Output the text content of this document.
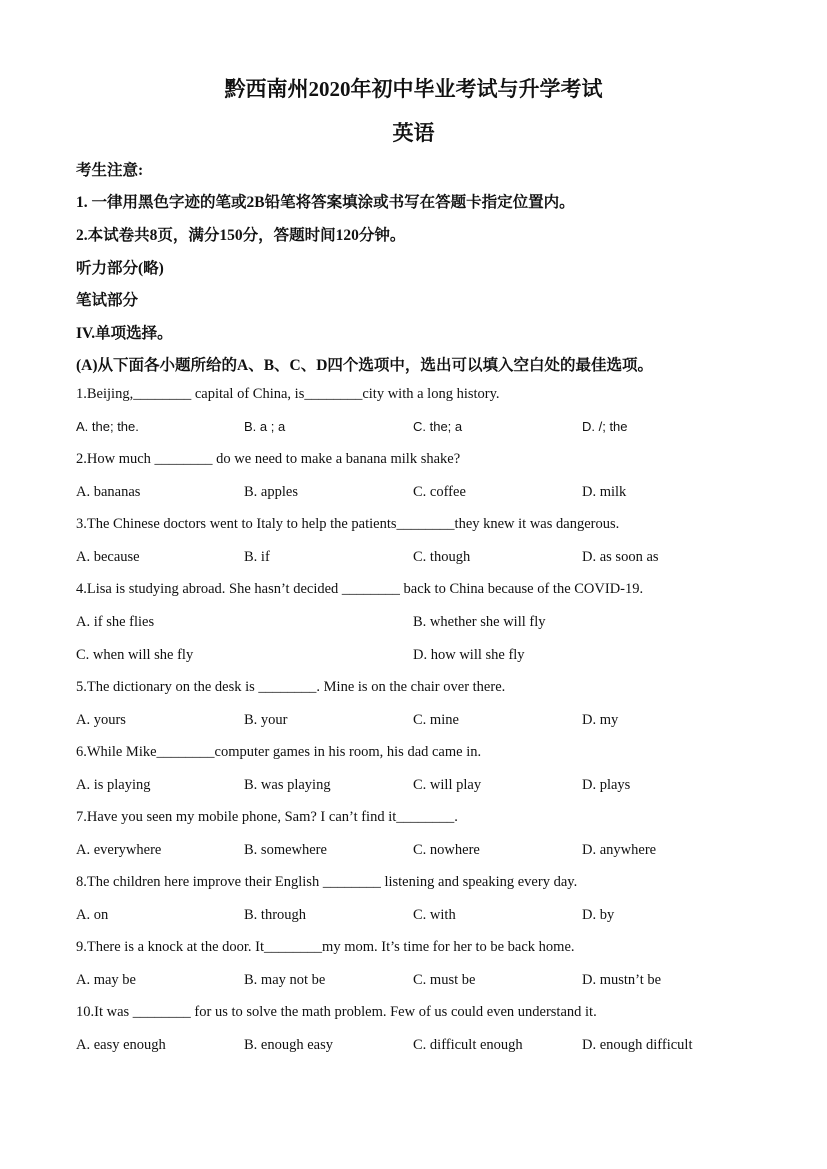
黔西南州2020年初中毕业考试与升学考试
英语
考生注意:
1. 一律用黑色字迹的笔或2B铅笔将答案填涂或书写在答题卡指定位置内。
2.本试卷共8页，满分150分，答题时间120分钟。
听力部分(略)
笔试部分
IV.单项选择。
(A)从下面各小题所给的A、B、C、D四个选项中，选出可以填入空白处的最佳选项。
1.Beijing,________ capital of China, is________city with a long history.
A. the; the.	B. a ; a	C. the; a	D. /; the
2.How much ________ do we need to make a banana milk shake?
A. bananas	B. apples	C. coffee	D. milk
3.The Chinese doctors went to Italy to help the patients________they knew it was dangerous.
A. because	B. if	C. though	D. as soon as
4.Lisa is studying abroad. She hasn’t decided ________ back to China because of the COVID-19.
A. if she flies	B. whether she will fly
C. when will she fly	D. how will she fly
5.The dictionary on the desk is ________. Mine is on the chair over there.
A. yours	B. your	C. mine	D. my
6.While Mike________computer games in his room, his dad came in.
A. is playing	B. was playing	C. will play	D. plays
7.Have you seen my mobile phone, Sam? I can’t find it________.
A. everywhere	B. somewhere	C. nowhere	D. anywhere
8.The children here improve their English ________ listening and speaking every day.
A. on	B. through	C. with	D. by
9.There is a knock at the door. It________my mom. It’s time for her to be back home.
A. may be	B. may not be	C. must be	D. mustn’t be
10.It was ________ for us to solve the math problem. Few of us could even understand it.
A. easy enough	B. enough easy	C. difficult enough	D. enough difficult
